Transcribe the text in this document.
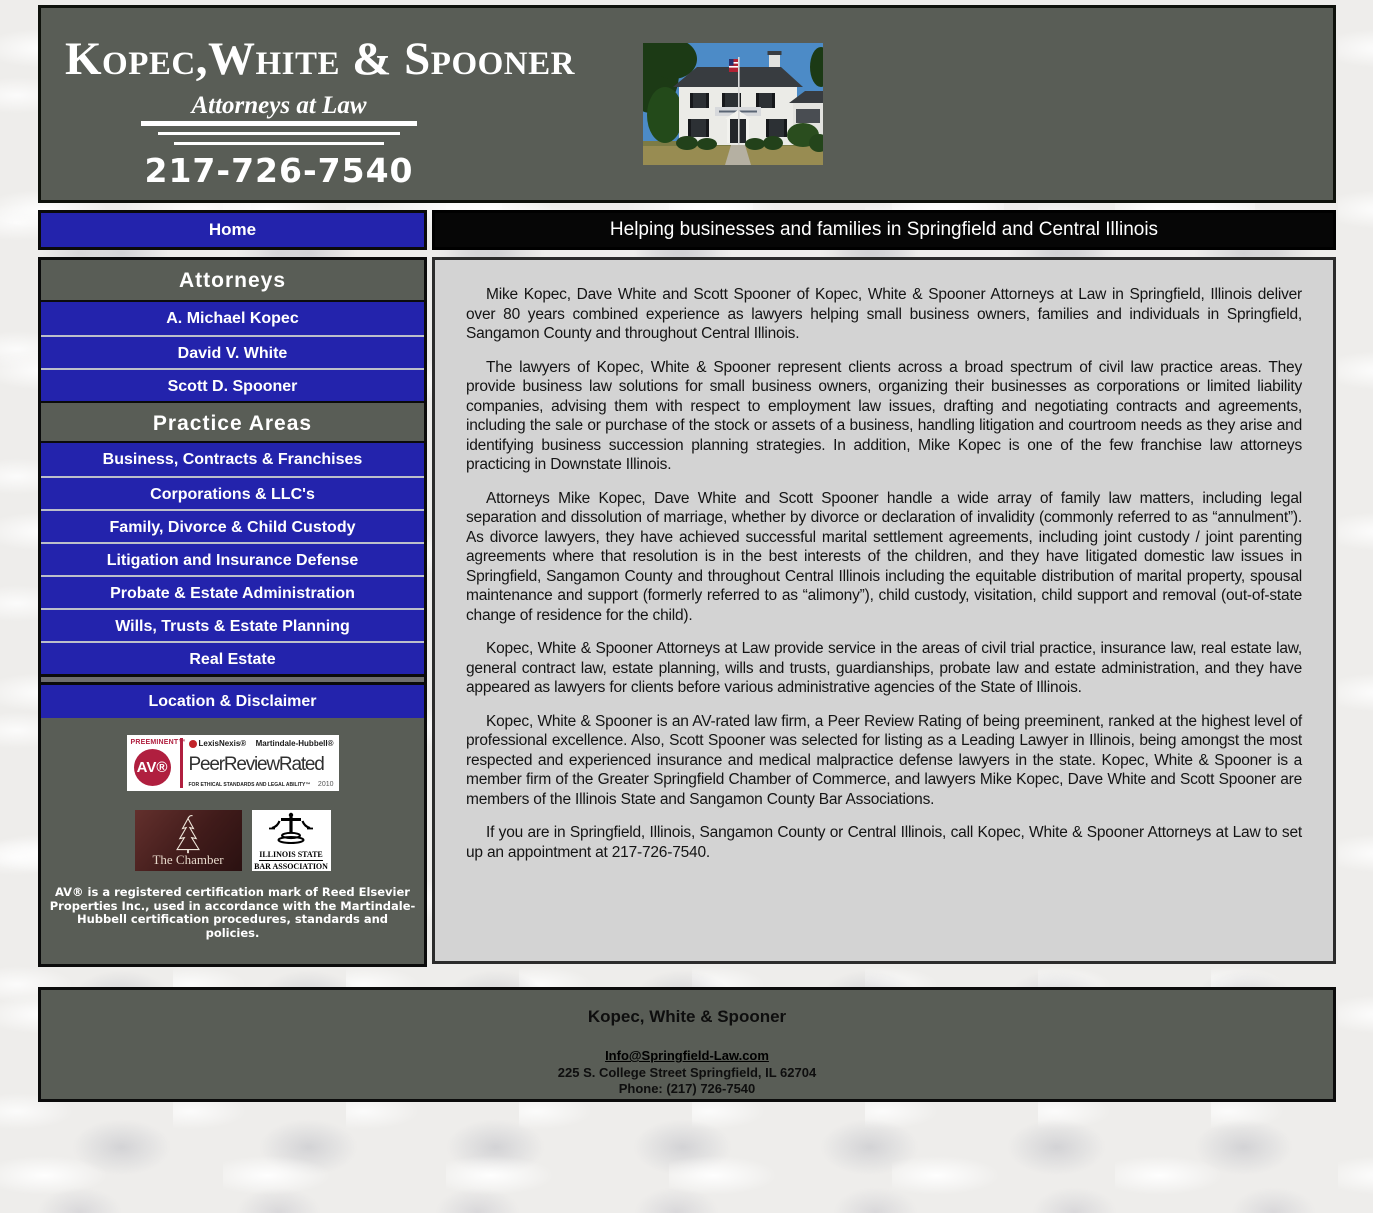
Kopec,White & Spooner
Attorneys at Law
217-726-7540
Home
Attorneys
A. Michael Kopec
David V. White
Scott D. Spooner
Practice Areas
Business, Contracts & Franchises
Corporations & LLC's
Family, Divorce & Child Custody
Litigation and Insurance Defense
Probate & Estate Administration
Wills, Trusts & Estate Planning
Real Estate
Location & Disclaimer
PREEMINENT™
AV®
LexisNexis® Martindale-Hubbell®
PeerReviewRated
FOR ETHICAL STANDARDS AND LEGAL ABILITY™ 2010
The Chamber	ILLINOIS STATE
BAR ASSOCIATION
AV® is a registered certification mark of Reed Elsevier Properties Inc., used in accordance with the Martindale-Hubbell certification procedures, standards and policies.
Helping businesses and families in Springfield and Central Illinois

Mike Kopec, Dave White and Scott Spooner of Kopec, White & Spooner Attorneys at Law in Springfield, Illinois deliver over 80 years combined experience as lawyers helping small business owners, families and individuals in Springfield, Sangamon County and throughout Central Illinois.

The lawyers of Kopec, White & Spooner represent clients across a broad spectrum of civil law practice areas. They provide business law solutions for small business owners, organizing their businesses as corporations or limited liability companies, advising them with respect to employment law issues, drafting and negotiating contracts and agreements, including the sale or purchase of the stock or assets of a business, handling litigation and courtroom needs as they arise and identifying business succession planning strategies. In addition, Mike Kopec is one of the few franchise law attorneys practicing in Downstate Illinois.

Attorneys Mike Kopec, Dave White and Scott Spooner handle a wide array of family law matters, including legal separation and dissolution of marriage, whether by divorce or declaration of invalidity (commonly referred to as “annulment”). As divorce lawyers, they have achieved successful marital settlement agreements, including joint custody / joint parenting agreements where that resolution is in the best interests of the children, and they have litigated domestic law issues in Springfield, Sangamon County and throughout Central Illinois including the equitable distribution of marital property, spousal maintenance and support (formerly referred to as “alimony”), child custody, visitation, child support and removal (out-of-state change of residence for the child).

Kopec, White & Spooner Attorneys at Law provide service in the areas of civil trial practice, insurance law, real estate law, general contract law, estate planning, wills and trusts, guardianships, probate law and estate administration, and they have appeared as lawyers for clients before various administrative agencies of the State of Illinois.

Kopec, White & Spooner is an AV-rated law firm, a Peer Review Rating of being preeminent, ranked at the highest level of professional excellence. Also, Scott Spooner was selected for listing as a Leading Lawyer in Illinois, being amongst the most respected and experienced insurance and medical malpractice defense lawyers in the state. Kopec, White & Spooner is a member firm of the Greater Springfield Chamber of Commerce, and lawyers Mike Kopec, Dave White and Scott Spooner are members of the Illinois State and Sangamon County Bar Associations.

If you are in Springfield, Illinois, Sangamon County or Central Illinois, call Kopec, White & Spooner Attorneys at Law to set up an appointment at 217-726-7540.

Kopec, White & Spooner
Info@Springfield-Law.com
225 S. College Street Springfield, IL 62704
Phone: (217) 726-7540
